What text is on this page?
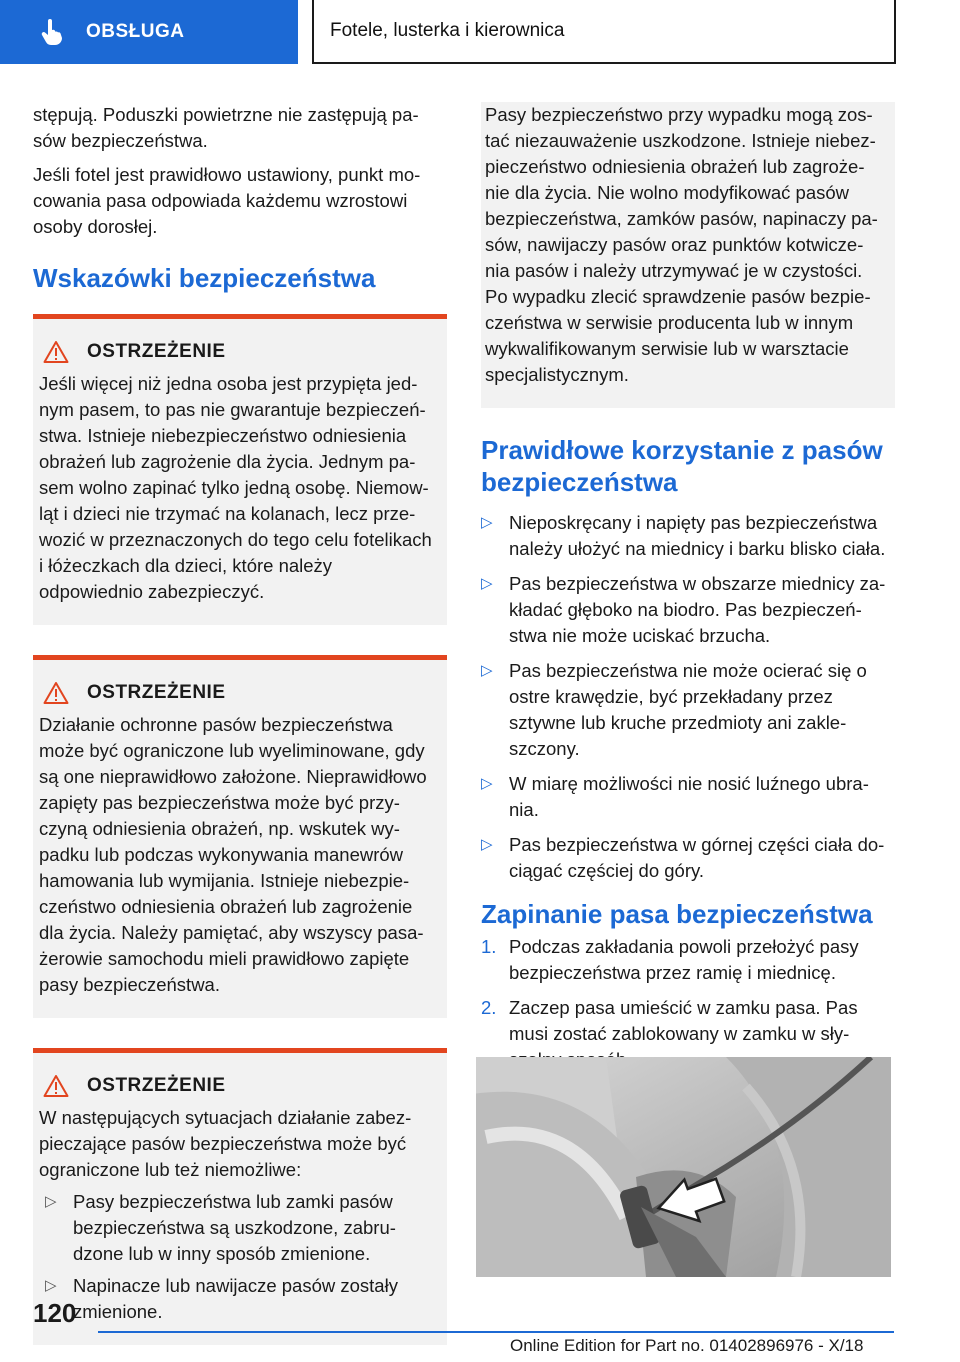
OBSŁUGA	Fotele, lusterka i kierownica

stępują. Poduszki powietrzne nie zastępują pa-sów bezpieczeństwa.

Jeśli fotel jest prawidłowo ustawiony, punkt mo-cowania pasa odpowiada każdemu wzrostowi osoby dorosłej.

Wskazówki bezpieczeństwa
OSTRZEŻENIE
Jeśli więcej niż jedna osoba jest przypięta jed-nym pasem, to pas nie gwarantuje bezpieczeń-stwa. Istnieje niebezpieczeństwo odniesienia obrażeń lub zagrożenie dla życia. Jednym pa-sem wolno zapinać tylko jedną osobę. Niemow-ląt i dzieci nie trzymać na kolanach, lecz prze-wozić w przeznaczonych do tego celu fotelikach i łóżeczkach dla dzieci, które należy odpowiednio zabezpieczyć.
OSTRZEŻENIE
Działanie ochronne pasów bezpieczeństwa może być ograniczone lub wyeliminowane, gdy są one nieprawidłowo założone. Nieprawidłowo zapięty pas bezpieczeństwa może być przy-czyną odniesienia obrażeń, np. wskutek wy-padku lub podczas wykonywania manewrów hamowania lub wymijania. Istnieje niebezpie-czeństwo odniesienia obrażeń lub zagrożenie dla życia. Należy pamiętać, aby wszyscy pasa-żerowie samochodu mieli prawidłowo zapięte pasy bezpieczeństwa.
OSTRZEŻENIE
W następujących sytuacjach działanie zabez-pieczające pasów bezpieczeństwa może być ograniczone lub też niemożliwe:
▷ Pasy bezpieczeństwa lub zamki pasów bezpieczeństwa są uszkodzone, zabru-dzone lub w inny sposób zmienione.
▷ Napinacze lub nawijacze pasów zostały zmienione.
Pasy bezpieczeństwo przy wypadku mogą zos-tać niezauważenie uszkodzone. Istnieje niebez-pieczeństwo odniesienia obrażeń lub zagroże-nie dla życia. Nie wolno modyfikować pasów bezpieczeństwa, zamków pasów, napinaczy pa-sów, nawijaczy pasów oraz punktów kotwicze-nia pasów i należy utrzymywać je w czystości. Po wypadku zlecić sprawdzenie pasów bezpie-czeństwa w serwisie producenta lub w innym wykwalifikowanym serwisie lub w warsztacie specjalistycznym.
Prawidłowe korzystanie z pasów bezpieczeństwa
▷ Nieposkręcany i napięty pas bezpieczeństwa należy ułożyć na miednicy i barku blisko ciała.
▷ Pas bezpieczeństwa w obszarze miednicy za-kładać głęboko na biodro. Pas bezpieczeń-stwa nie może uciskać brzucha.
▷ Pas bezpieczeństwa nie może ocierać się o ostre krawędzie, być przekładany przez sztywne lub kruche przedmioty ani zakle-szczony.
▷ W miarę możliwości nie nosić luźnego ubra-nia.
▷ Pas bezpieczeństwa w górnej części ciała do-ciągać częściej do góry.
Zapinanie pasa bezpieczeństwa
1. Podczas zakładania powoli przełożyć pasy bezpieczeństwa przez ramię i miednicę.
2. Zaczep pasa umieścić w zamku pasa. Pas musi zostać zablokowany w zamku w sły-
120
Online Edition for Part no. 01402896976 - X/18
